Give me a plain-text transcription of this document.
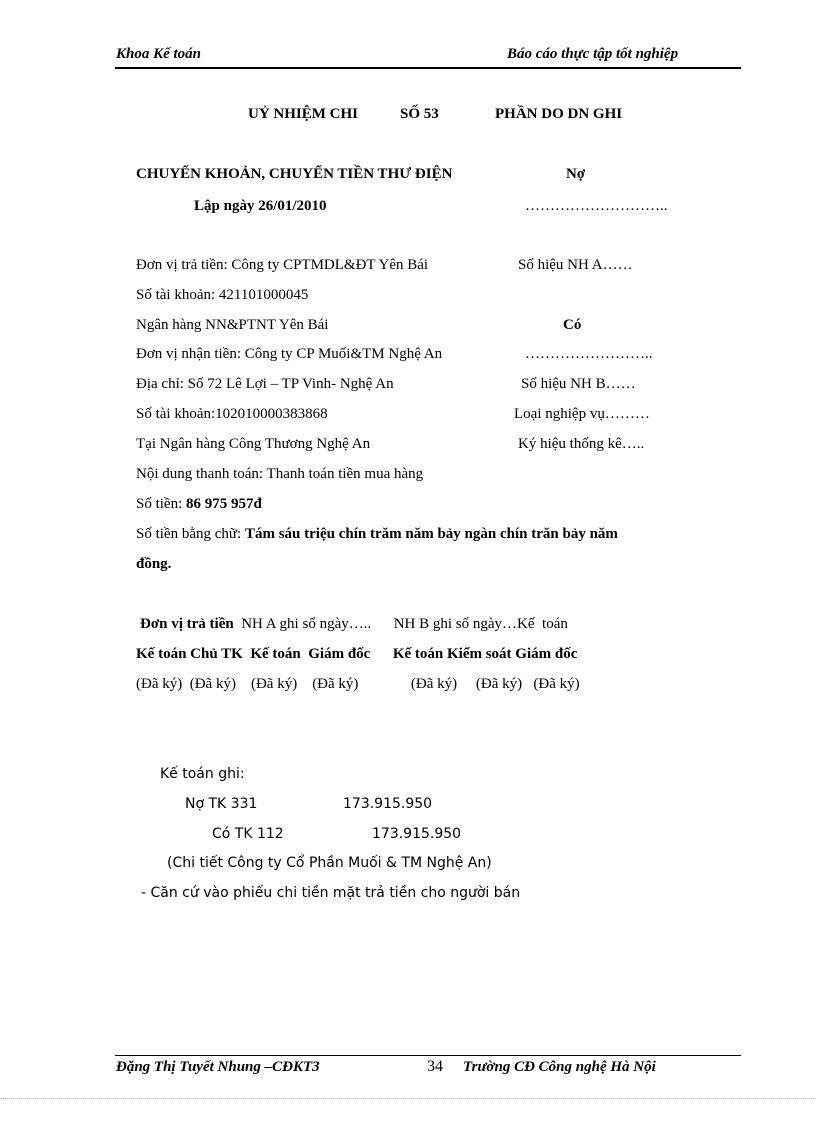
Khoa Kế toán	Báo cáo thực tập tốt nghiệp
UỶ NHIỆM CHI	SỐ 53	PHẦN DO DN GHI
CHUYỂN KHOẢN, CHUYỂN TIỀN THƯ ĐIỆN	Nợ
Lập ngày 26/01/2010	………………………..
Đơn vị trả tiền: Công ty CPTMDL&ĐT Yên Bái	Số hiệu NH A……
Số tài khoản: 421101000045
Ngân hàng NN&PTNT Yên Bái	Có
Đơn vị nhận tiền: Công ty CP Muối&TM Nghệ An	……………………..
Địa chỉ: Số 72 Lê Lợi – TP Vinh- Nghệ An	Số hiệu NH B……
Số tài khoản:102010000383868	Loại nghiệp vụ………
Tại Ngân hàng Công Thương Nghệ An	Ký hiệu thống kê…..
Nội dung thanh toán: Thanh toán tiền mua hàng
Số tiền: 86 975 957đ
Số tiền bằng chữ: Tám sáu triệu chín trăm năm bảy ngàn chín trăn bảy năm
đồng.
Đơn vị trả tiền  NH A ghi sổ ngày…..      NH B ghi sổ ngày…Kế  toán
Kế toán Chủ TK  Kế toán  Giám đốc      Kế toán Kiểm soát Giám đốc
(Đã ký)  (Đã ký)    (Đã ký)    (Đã ký)              (Đã ký)     (Đã ký)   (Đã ký)
Kế toán ghi:
Nợ TK 331	173.915.950
Có TK 112	173.915.950
(Chi tiết Công ty Cổ Phần Muối & TM Nghệ An)
- Căn cứ vào phiếu chi tiền mặt trả tiền cho người bán
Đặng Thị Tuyết Nhung –CĐKT3	34 Trường CĐ Công nghệ Hà Nội
